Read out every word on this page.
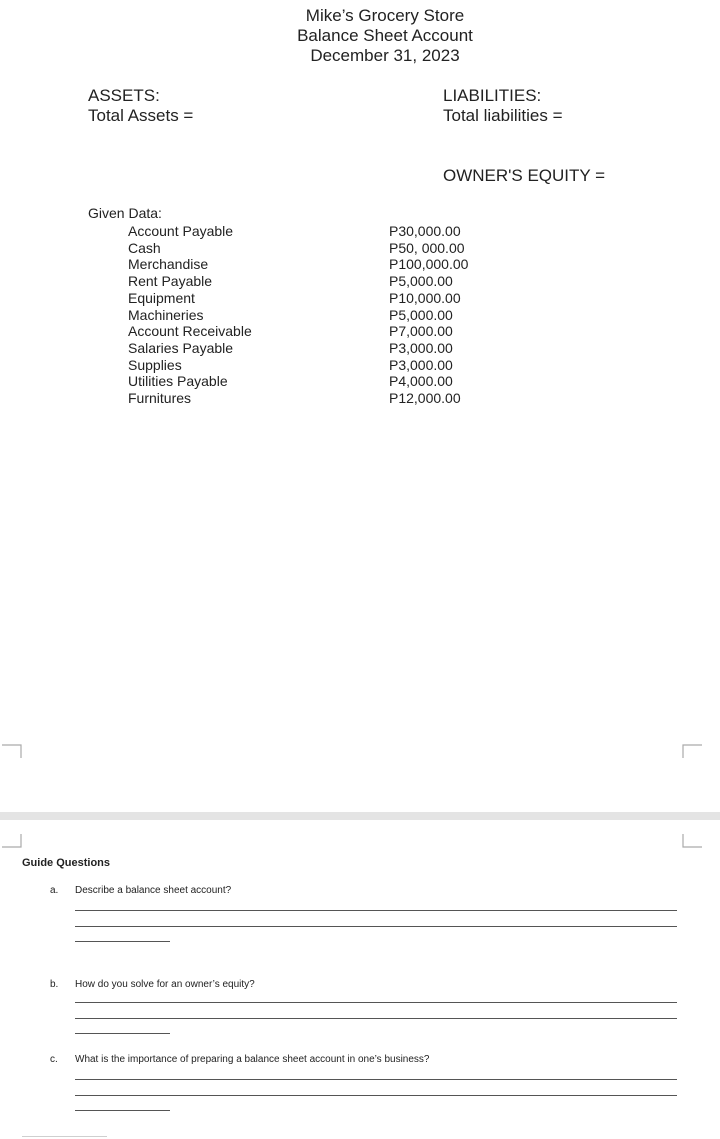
Mike’s Grocery Store
Balance Sheet Account
December 31, 2023
ASSETS:
Total Assets =
LIABILITIES:
Total liabilities =
OWNER'S EQUITY =
Given Data:
Account Payable	P30,000.00
Cash	P50, 000.00
Merchandise	P100,000.00
Rent Payable	P5,000.00
Equipment	P10,000.00
Machineries	P5,000.00
Account Receivable	P7,000.00
Salaries Payable	P3,000.00
Supplies	P3,000.00
Utilities Payable	P4,000.00
Furnitures	P12,000.00
Guide Questions
a. Describe a balance sheet account?
b. How do you solve for an owner’s equity?
c. What is the importance of preparing a balance sheet account in one’s business?
